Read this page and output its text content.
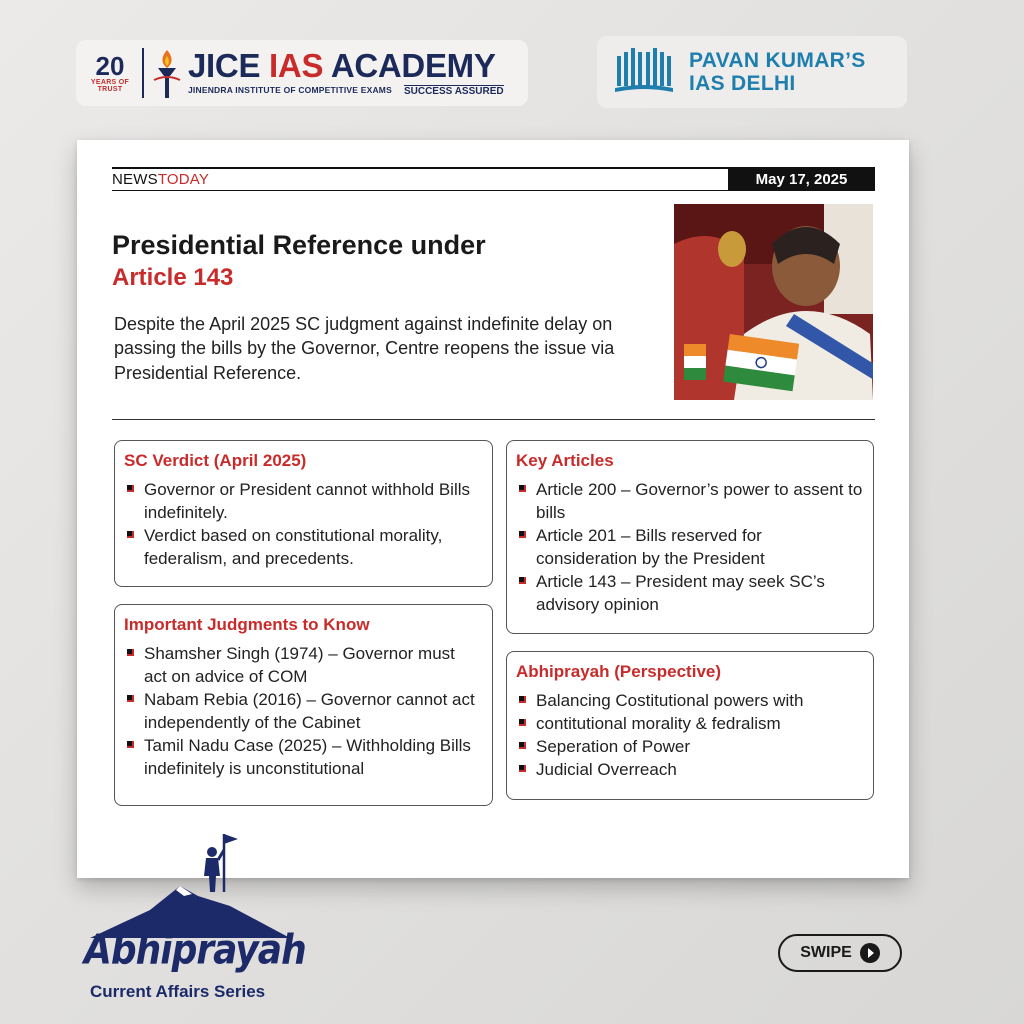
20
YEARS OF TRUST
JICE IAS ACADEMY
JINENDRA INSTITUTE OF COMPETITIVE EXAMS SUCCESS ASSURED
PAVAN KUMAR’S
IAS DELHI
NEWSTODAY	May 17, 2025
Presidential Reference under
Article 143
Despite the April 2025 SC judgment against indefinite delay on passing the bills by the Governor, Centre reopens the issue via Presidential Reference.
SC Verdict (April 2025)
Governor or President cannot withhold Bills indefinitely.
Verdict based on constitutional morality, federalism, and precedents.
Important Judgments to Know
Shamsher Singh (1974) – Governor must act on advice of COM
Nabam Rebia (2016) – Governor cannot act independently of the Cabinet
Tamil Nadu Case (2025) – Withholding Bills indefinitely is unconstitutional
Key Articles
Article 200 – Governor’s power to assent to bills
Article 201 – Bills reserved for consideration by the President
Article 143 – President may seek SC’s advisory opinion
Abhiprayah (Perspective)
Balancing Costitutional powers with
contitutional morality & fedralism
Seperation of Power
Judicial Overreach
Abhiprayah
Current Affairs Series
SWIPE
